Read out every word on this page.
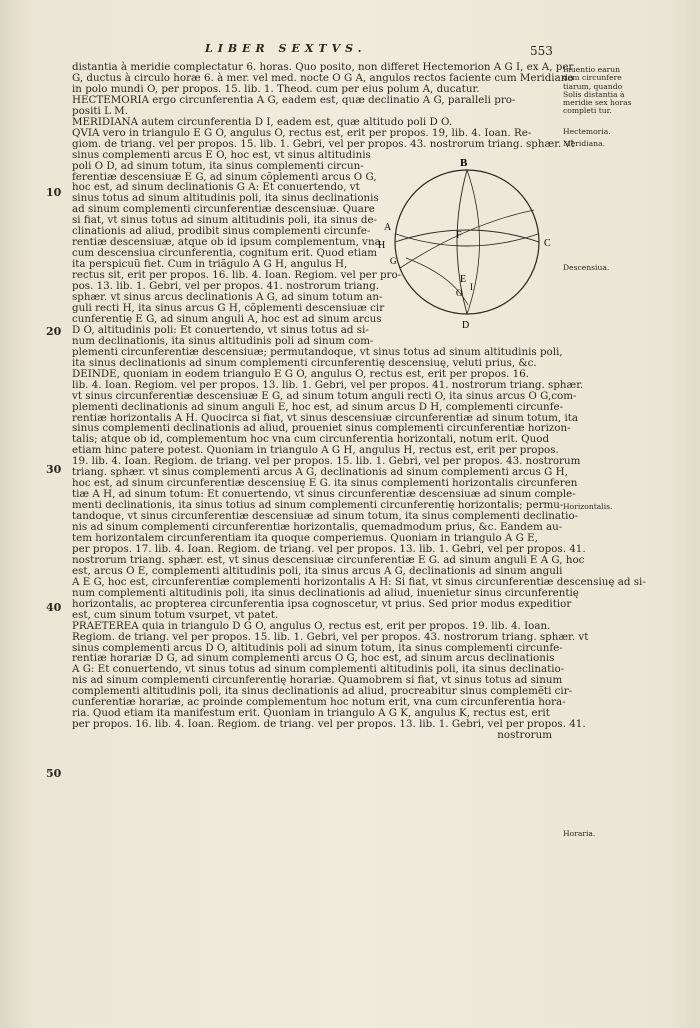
LIBER SEXTVS.	553
distantia à meridie complectatur 6. horas. Quo posito, non differet Hectemorion A G I, ex A, per
G, ductus à circulo horæ 6. à mer. vel med. nocte O G A, angulos rectos faciente cum Meridiano
in polo mundi O, per propos. 15. lib. 1. Theod. cum per eius polum A, ducatur.
HECTEMORIA ergo circunferentia A G, eadem est, quæ declinatio A G, paralleli pro-
positi L M.
MERIDIANA autem circunferentia D I, eadem est, quæ altitudo poli D O.
QVIA vero in triangulo E G O, angulus O, rectus est, erit per propos. 19, lib. 4. Ioan. Re-
giom. de triang. vel per propos. 15. lib. 1. Gebri, vel per propos. 43. nostrorum triang. sphær. vt
sinus complementi arcus E O, hoc est, vt sinus altitudinis
poli O D, ad sinum totum, ita sinus complementi circun-
ferentiæ descensiuæ E G, ad sinum cõplementi arcus O G,
hoc est, ad sinum declinationis G A: Et conuertendo, vt
sinus totus ad sinum altitudinis poli, ita sinus declinationis
ad sinum complementi circunferentiæ descensiuæ. Quare
si fiat, vt sinus totus ad sinum altitudinis poli, ita sinus de-
clinationis ad aliud, prodibit sinus complementi circunfe-
rentiæ descensiuæ, atque ob id ipsum complementum, vna
cum descensiua circunferentia, cognitum erit. Quod etiam
ita perspicuũ fiet. Cum in triãgulo A G H, angulus H,
rectus sit, erit per propos. 16. lib. 4. Ioan. Regiom. vel per pro-
pos. 13. lib. 1. Gebri, vel per propos. 41. nostrorum triang.
sphær. vt sinus arcus declinationis A G, ad sinum totum an-
guli recti H, ita sinus arcus G H, cõplementi descensiuæ cir
cunferentię E G, ad sinum anguli A, hoc est ad sinum arcus
D O, altitudinis poli: Et conuertendo, vt sinus totus ad si-
num declinationis, ita sinus altitudinis poli ad sinum com-
B
A
H
G
F
E
O
I
C
D
plementi circunferentiæ descensiuæ; permutandoque, vt sinus totus ad sinum altitudinis poli,
ita sinus declinationis ad sinum complementi circunferentię descensiuę, veluti prius, &c.
DEINDE, quoniam in eodem triangulo E G O, angulus O, rectus est, erit per propos. 16.
lib. 4. Ioan. Regiom. vel per propos. 13. lib. 1. Gebri, vel per propos. 41. nostrorum triang. sphær.
vt sinus circunferentiæ descensiuæ E G, ad sinum totum anguli recti O, ita sinus arcus O G,com-
plementi declinationis ad sinum anguli E, hoc est, ad sinum arcus D H, complementi circunfe-
rentiæ horizontalis A H. Quocirca si fiat, vt sinus descensiuæ circunferentiæ ad sinum totum, ita
sinus complementi declinationis ad aliud, proueniet sinus complementi circunferentiæ horizon-
talis; atque ob id, complementum hoc vna cum circunferentia horizontali, notum erit. Quod
etiam hinc patere potest. Quoniam in triangulo A G H, angulus H, rectus est, erit per propos.
19. lib. 4. Ioan. Regiom. de triang. vel per propos. 15. lib. 1. Gebri, vel per propos. 43. nostrorum
triang. sphær. vt sinus complementi arcus A G, declinationis ad sinum complementi arcus G H,
hoc est, ad sinum circunferentiæ descensiuę E G. ita sinus complementi horizontalis circunferen
tiæ A H, ad sinum totum: Et conuertendo, vt sinus circunferentiæ descensiuæ ad sinum comple-
menti declinationis, ita sinus totius ad sinum complementi circunferentię horizontalis; permu-
tandoque, vt sinus circunferentiæ descensiuæ ad sinum totum, ita sinus complementi declinatio-
nis ad sinum complementi circunferentiæ horizontalis, quemadmodum prius, &c. Eandem au-
tem horizontalem circunferentiam ita quoque comperiemus. Quoniam in triangulo A G E,
per propos. 17. lib. 4. Ioan. Regiom. de triang. vel per propos. 13. lib. 1. Gebri, vel per propos. 41.
nostrorum triang. sphær. est, vt sinus descensiuæ circunferentiæ E G. ad sinum anguli E A G, hoc
est, arcus O E, complementi altitudinis poli, ita sinus arcus A G, declinationis ad sinum anguli
A E G, hoc est, circunferentiæ complementi horizontalis A H: Si fiat, vt sinus circunferentiæ descensiuę ad si-
num complementi altitudinis poli, ita sinus declinationis ad aliud, inuenietur sinus circunferentię
horizontalis, ac propterea circunferentia ipsa cognoscetur, vt prius. Sed prior modus expeditior
est, cum sinum totum vsurpet, vt patet.
PRAETEREA quia in triangulo D G O, angulus O, rectus est, erit per propos. 19. lib. 4. Ioan.
Regiom. de triang. vel per propos. 15. lib. 1. Gebri, vel per propos. 43. nostrorum triang. sphær. vt
sinus complementi arcus D O, altitudinis poli ad sinum totum, ita sinus complementi circunfe-
rentiæ horariæ D G, ad sinum complementi arcus O G, hoc est, ad sinum arcus declinationis
A G: Et conuertendo, vt sinus totus ad sinum complementi altitudinis poli, ita sinus declinatio-
nis ad sinum complementi circunferentię horariæ. Quamobrem si fiat, vt sinus totus ad sinum
complementi altitudinis poli, ita sinus declinationis ad aliud, procreabitur sinus complemẽti cir-
cunferentiæ horariæ, ac proinde complementum hoc notum erit, vna cum circunferentia hora-
ria. Quod etiam ita manifestum erit. Quoniam in triangulo A G K, angulus K, rectus est, erit
per propos. 16. lib. 4. Ioan. Regiom. de triang. vel per propos. 13. lib. 1. Gebri, vel per propos. 41.
nostrorum
10
20
30
40
50
Inuentio earun dem circunfere tiarum, quando Solis distantia à meridie sex horas completi tur.
Hectemoria.
Meridiana.
Descensiua.
Horizontalis.
Horaria.
